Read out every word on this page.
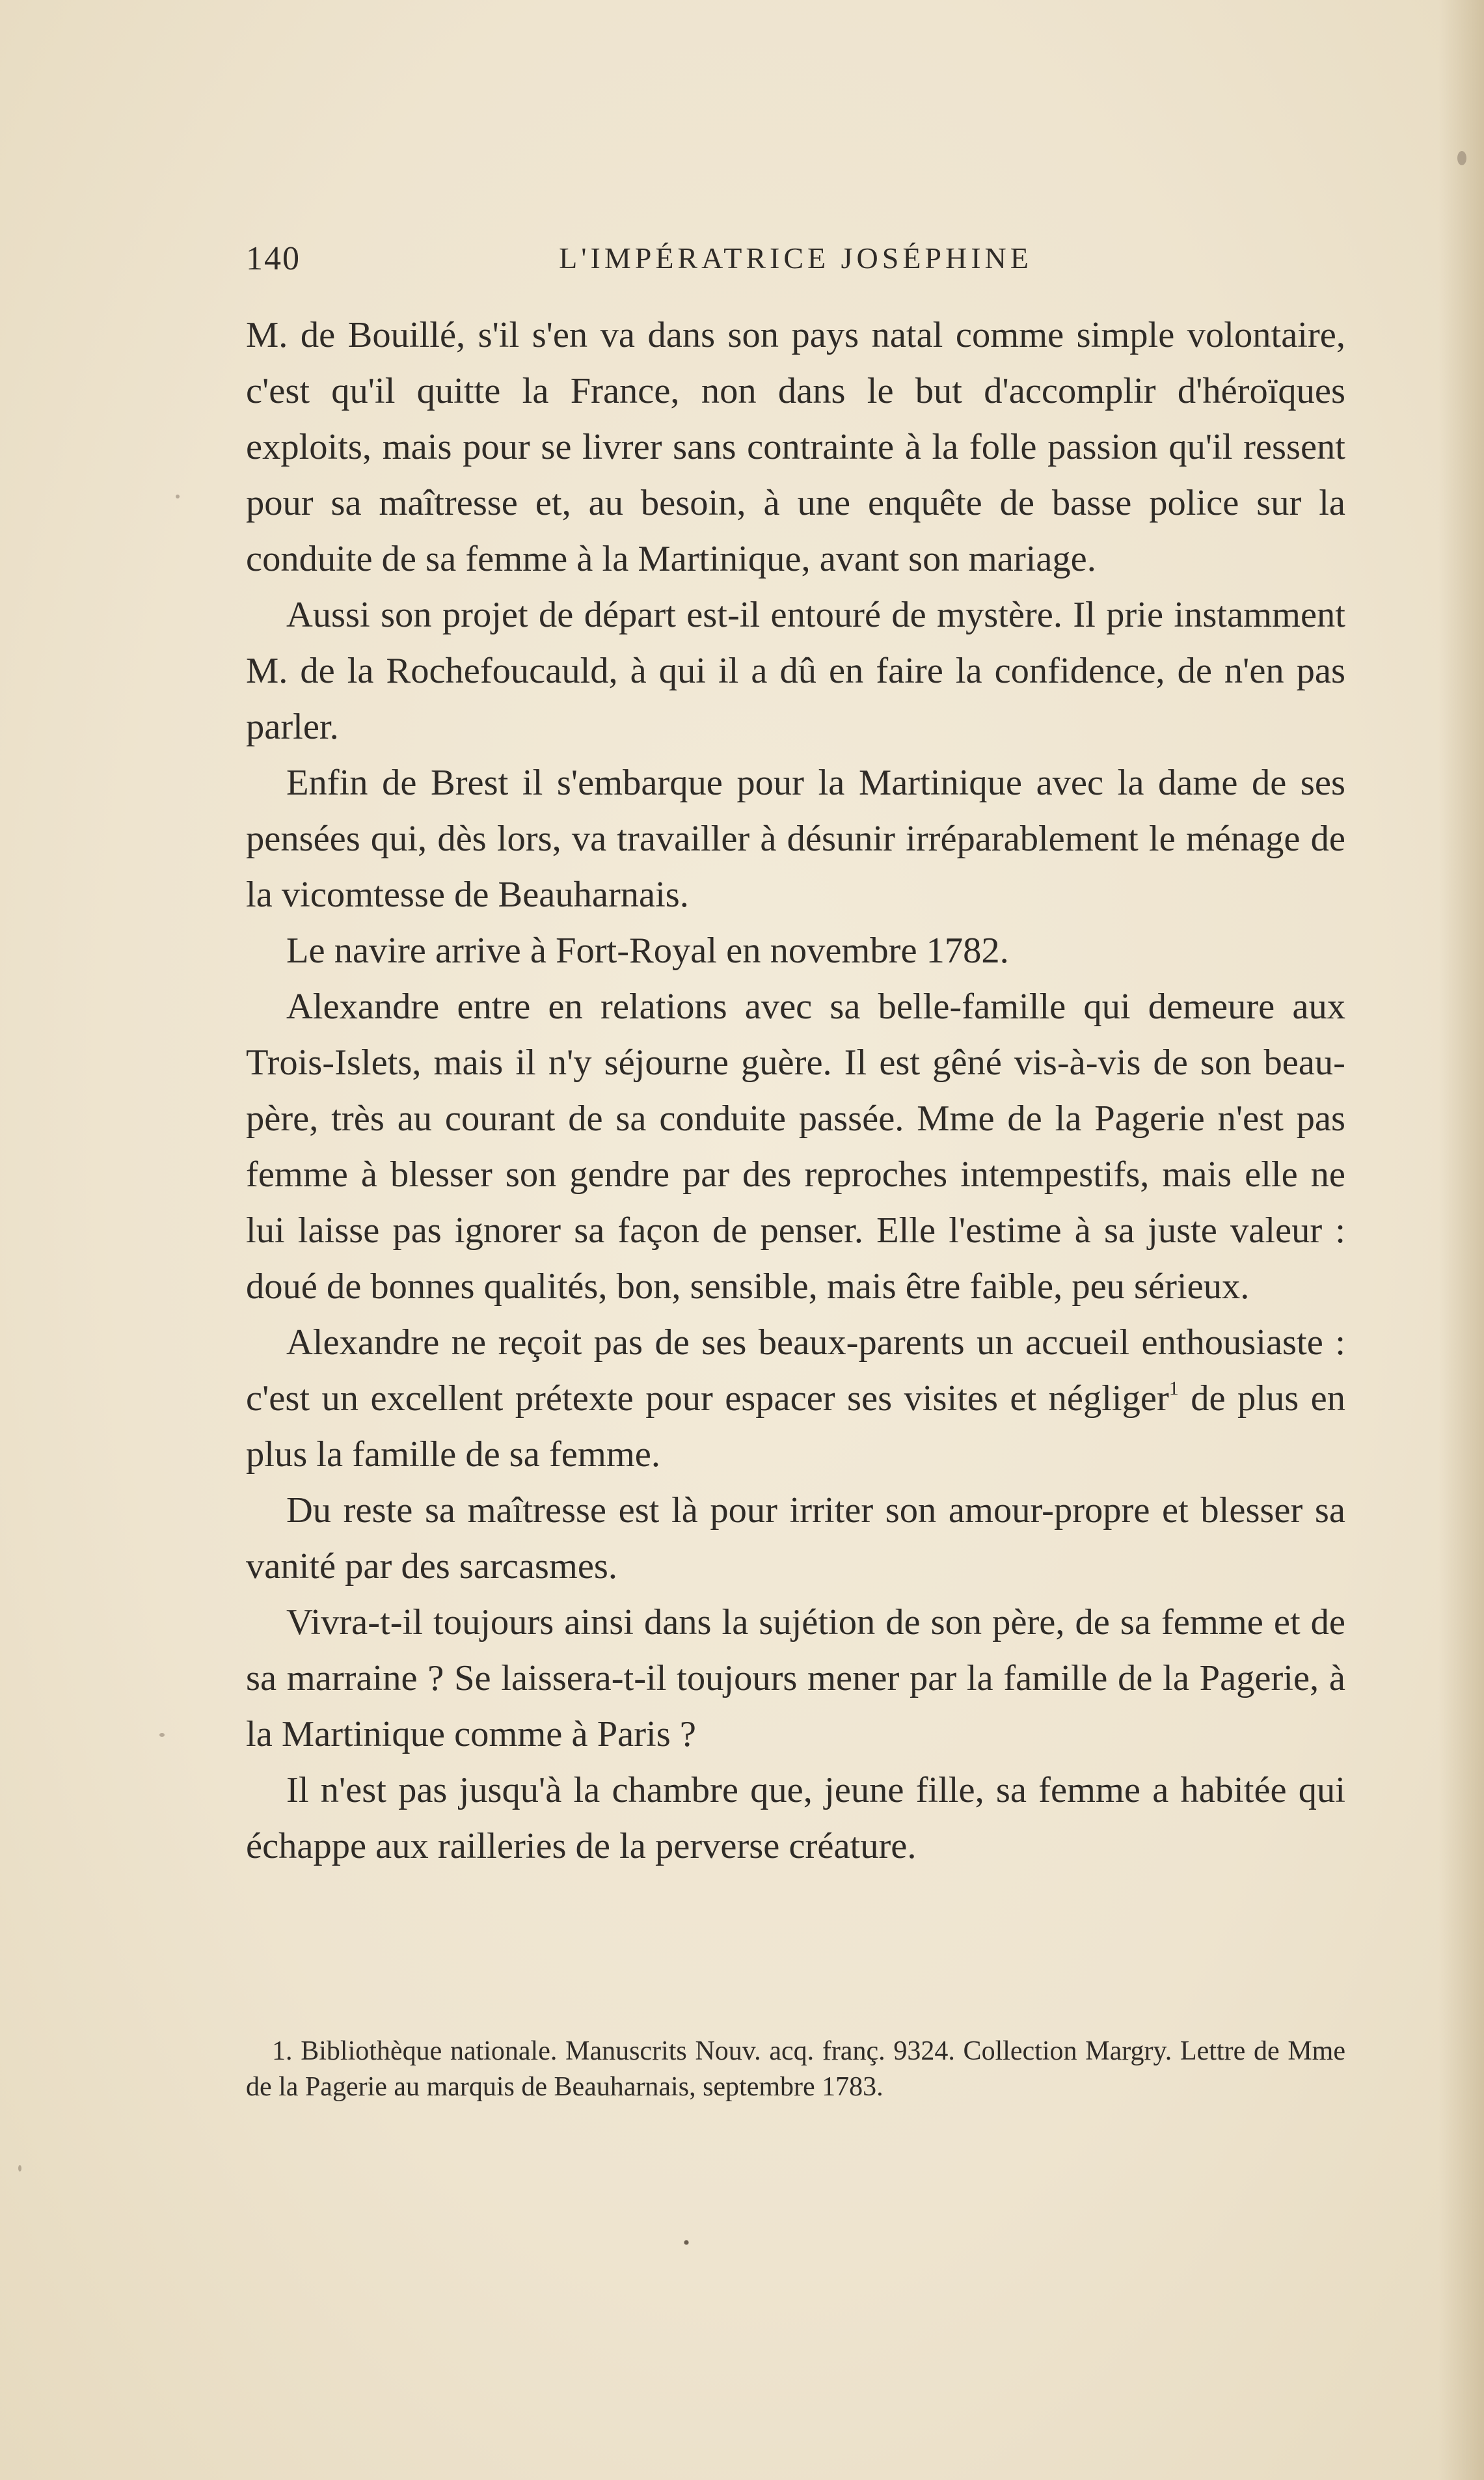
140	L'IMPÉRATRICE JOSÉPHINE

M. de Bouillé, s'il s'en va dans son pays natal comme simple volontaire, c'est qu'il quitte la France, non dans le but d'accomplir d'héroïques exploits, mais pour se livrer sans contrainte à la folle passion qu'il ressent pour sa maîtresse et, au besoin, à une enquête de basse police sur la conduite de sa femme à la Martinique, avant son mariage.

Aussi son projet de départ est-il entouré de mystère. Il prie instamment M. de la Rochefoucauld, à qui il a dû en faire la confidence, de n'en pas parler.

Enfin de Brest il s'embarque pour la Martinique avec la dame de ses pensées qui, dès lors, va travailler à désunir irréparablement le ménage de la vicomtesse de Beauharnais.

Le navire arrive à Fort-Royal en novembre 1782.

Alexandre entre en relations avec sa belle-famille qui demeure aux Trois-Islets, mais il n'y séjourne guère. Il est gêné vis-à-vis de son beau-père, très au courant de sa conduite passée. Mme de la Pagerie n'est pas femme à blesser son gendre par des reproches intempestifs, mais elle ne lui laisse pas ignorer sa façon de penser. Elle l'estime à sa juste valeur : doué de bonnes qualités, bon, sensible, mais être faible, peu sérieux.

Alexandre ne reçoit pas de ses beaux-parents un accueil enthousiaste : c'est un excellent prétexte pour espacer ses visites et négliger$^1$ de plus en plus la famille de sa femme.

Du reste sa maîtresse est là pour irriter son amour-propre et blesser sa vanité par des sarcasmes.

Vivra-t-il toujours ainsi dans la sujétion de son père, de sa femme et de sa marraine ? Se laissera-t-il toujours mener par la famille de la Pagerie, à la Martinique comme à Paris ?

Il n'est pas jusqu'à la chambre que, jeune fille, sa femme a habitée qui échappe aux railleries de la perverse créature.

1. Bibliothèque nationale. Manuscrits Nouv. acq. franç. 9324. Collection Margry. Lettre de Mme de la Pagerie au marquis de Beauharnais, septembre 1783.

•
